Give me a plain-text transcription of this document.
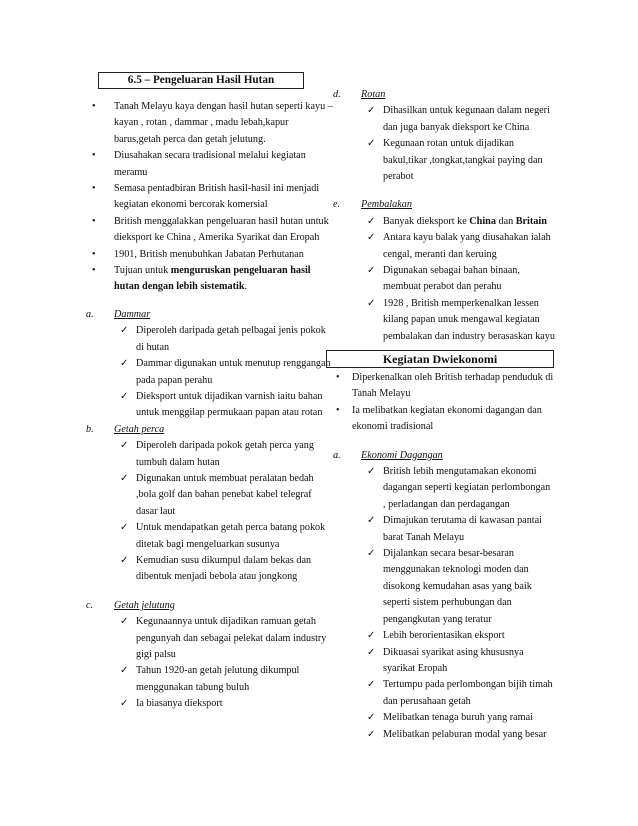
6.5 – Pengeluaran Hasil Hutan
• Tanah Melayu kaya dengan hasil hutan seperti kayu – kayan , rotan , dammar , madu lebah,kapur barus,getah perca dan getah jelutung.
• Diusahakan secara tradisional melalui kegiatan meramu
• Semasa pentadbiran British hasil-hasil ini menjadi kegiatan ekonomi bercorak komersial
• British menggalakkan pengeluaran hasil hutan untuk dieksport ke China , Amerika Syarikat dan Eropah
• 1901, British menubuhkan Jabatan Perhutanan
• Tujuan untuk menguruskan pengeluaran hasil hutan dengan lebih sistematik.
a. Dammar
✓ Diperoleh daripada getah pelbagai jenis pokok di hutan
✓ Dammar digunakan untuk menutup renggangan pada papan perahu
✓ Dieksport untuk dijadikan varnish iaitu bahan untuk menggilap permukaan papan atau rotan
b. Getah perca
✓ Diperoleh daripada pokok getah perca yang tumbuh dalam hutan
✓ Digunakan untuk membuat peralatan bedah ,bola golf dan bahan penebat kabel telegraf dasar laut
✓ Untuk mendapatkan getah perca batang pokok ditetak bagi mengeluarkan susunya
✓ Kemudian susu dikumpul dalam bekas dan dibentuk menjadi bebola atau jongkong
c. Getah jelutung
✓ Kegunaannya untuk dijadikan ramuan getah pengunyah dan sebagai pelekat dalam industry gigi palsu
✓ Tahun 1920-an getah jelutung dikumpul menggunakan tabung buluh
✓ Ia biasanya dieksport
d. Rotan
✓ Dihasilkan untuk kegunaan dalam negeri dan juga banyak dieksport ke China
✓ Kegunaan rotan untuk dijadikan bakul,tikar ,tongkat,tangkai paying dan perabot
e. Pembalakan
✓ Banyak dieksport ke China dan Britain
✓ Antara kayu balak yang diusahakan ialah cengal, meranti dan keruing
✓ Digunakan sebagai bahan binaan, membuat perabot dan perahu
✓ 1928 , British memperkenalkan lessen kilang papan unuk mengawal kegiatan pembalakan dan industry berasaskan kayu
Kegiatan Dwiekonomi
• Diperkenalkan oleh British terhadap penduduk di Tanah Melayu
• Ia melibatkan kegiatan ekonomi dagangan dan ekonomi tradisional
a. Ekonomi Dagangan
✓ British lebih mengutamakan ekonomi dagangan seperti kegiatan perlombongan , perladangan dan perdagangan
✓ Dimajukan terutama di kawasan pantai barat Tanah Melayu
✓ Dijalankan secara besar-besaran menggunakan teknologi moden dan disokong kemudahan asas yang baik seperti sistem perhubungan dan pengangkutan yang teratur
✓ Lebih berorientasikan eksport
✓ Dikuasai syarikat asing khususnya syarikat Eropah
✓ Tertumpu pada perlombongan bijih timah dan perusahaan getah
✓ Melibatkan tenaga buruh yang ramai
✓ Melibatkan pelaburan modal yang besar
